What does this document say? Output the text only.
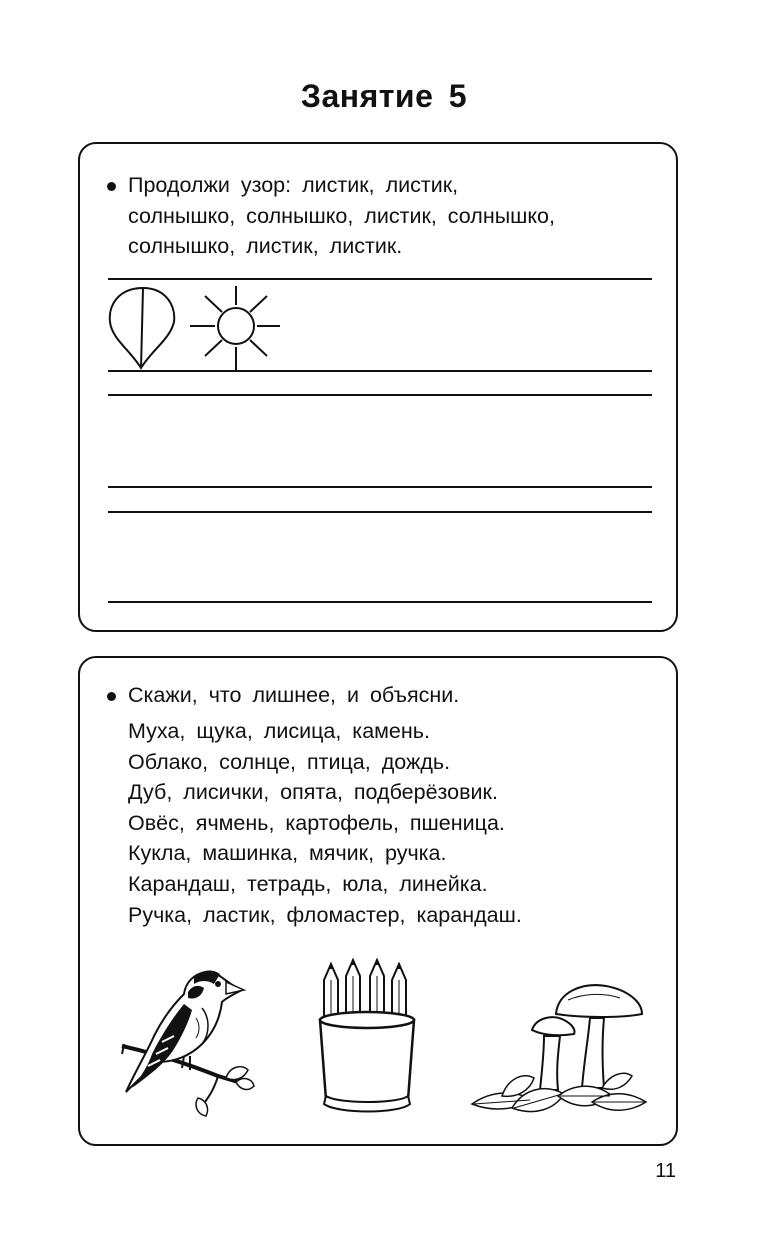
Занятие 5
Продолжи узор: листик, листик,
солнышко, солнышко, листик, солнышко,
солнышко, листик, листик.
Скажи, что лишнее, и объясни.
Муха, щука, лисица, камень.
Облако, солнце, птица, дождь.
Дуб, лисички, опята, подберёзовик.
Овёс, ячмень, картофель, пшеница.
Кукла, машинка, мячик, ручка.
Карандаш, тетрадь, юла, линейка.
Ручка, ластик, фломастер, карандаш.
11
